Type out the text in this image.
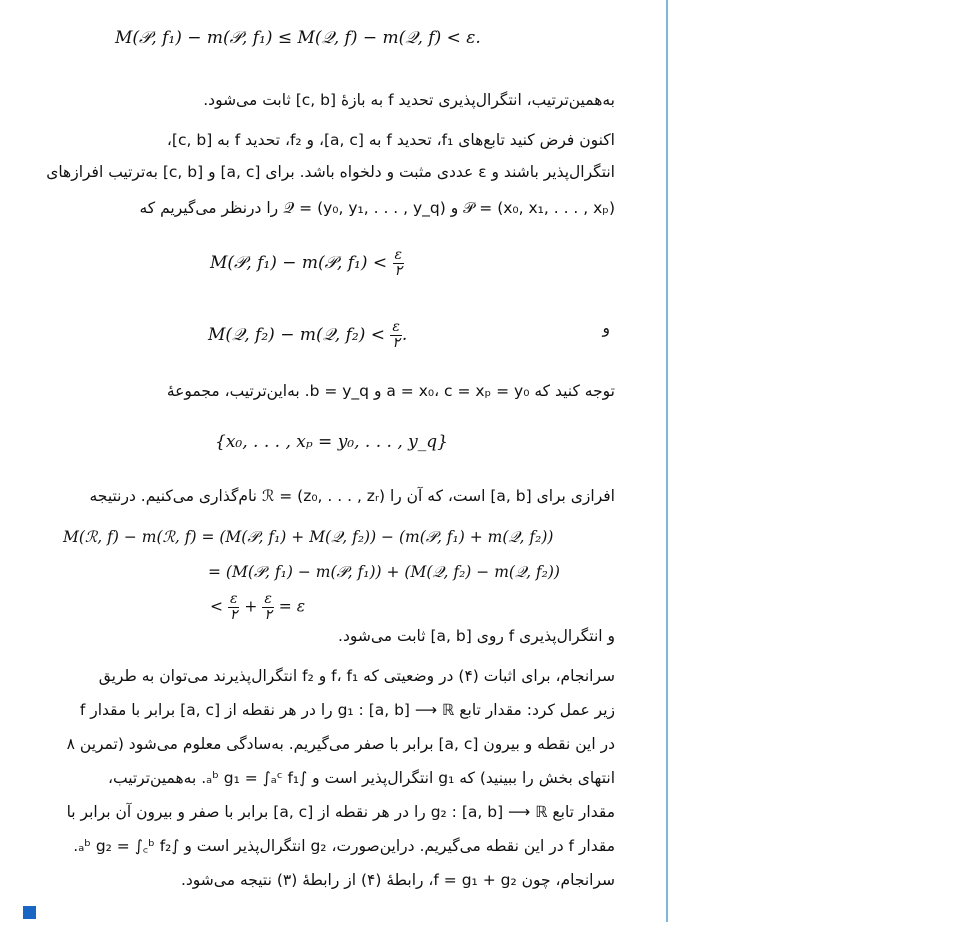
M(𝒫, f₁) − m(𝒫, f₁) ≤ M(𝒬, f) − m(𝒬, f) < ε.
به‌همین‌ترتیب، انتگرال‌پذیری تحدید f به بازهٔ [c, b] ثابت می‌شود.
اکنون فرض کنید تابع‌های f₁، تحدید f به [a, c]، و f₂، تحدید f به [c, b]،
انتگرال‌پذیر باشند و ε عددی مثبت و دلخواه باشد. برای [a, c] و [c, b] به‌ترتیب افرازهای
𝒫 = (x₀, x₁, . . . , xₚ) و 𝒬 = (y₀, y₁, . . . , y_q) را درنظر می‌گیریم که
M(𝒫, f₁) − m(𝒫, $f_1) < \frac{\varepsilon}{۲}$
و
M(𝒬, f₂) − m(𝒬, $f_2) < \frac{\varepsilon}{۲}$ .
توجه کنید که a = x₀، c = xₚ = y₀ و b = y_q. به‌این‌ترتیب، مجموعهٔ
{x₀, . . . , xₚ = y₀, . . . , y_q}
افرازی برای [a, b] است، که آن را ℛ = (z₀, . . . , zᵣ) نام‌گذاری می‌کنیم. درنتیجه
M(ℛ, f) − m(ℛ, f) = (M(𝒫, f₁) + M(𝒬, f₂)) − (m(𝒫, f₁) + m(𝒬, f₂))
= (M(𝒫, f₁) − m(𝒫, f₁)) + (M(𝒬, f₂) − m(𝒬, f₂))
< $\frac{\varepsilon}{۲} + \frac{\varepsilon}{۲} = \varepsilon$
و انتگرال‌پذیری f روی [a, b] ثابت می‌شود.
سرانجام، برای اثبات (۴) در وضعیتی که f، f₁ و f₂ انتگرال‌پذیرند می‌توان به طریق
زیر عمل کرد: مقدار تابع g₁ : [a, b] ⟶ ℝ را در هر نقطه از [a, c] برابر با مقدار f
در این نقطه و بیرون [a, c] برابر با صفر می‌گیریم. به‌سادگی معلوم می‌شود (تمرین ۸
انتهای بخش را ببینید) که g₁ انتگرال‌پذیر است و ∫ₐᵇ g₁ = ∫ₐᶜ f₁. به‌همین‌ترتیب،
مقدار تابع g₂ : [a, b] ⟶ ℝ را در هر نقطه از [a, c] برابر با صفر و بیرون آن برابر با
مقدار f در این نقطه می‌گیریم. دراین‌صورت، g₂ انتگرال‌پذیر است و ∫ₐᵇ g₂ = ∫꜀ᵇ f₂.
سرانجام، چون f = g₁ + g₂، رابطهٔ (۴) از رابطهٔ (۳) نتیجه می‌شود.
